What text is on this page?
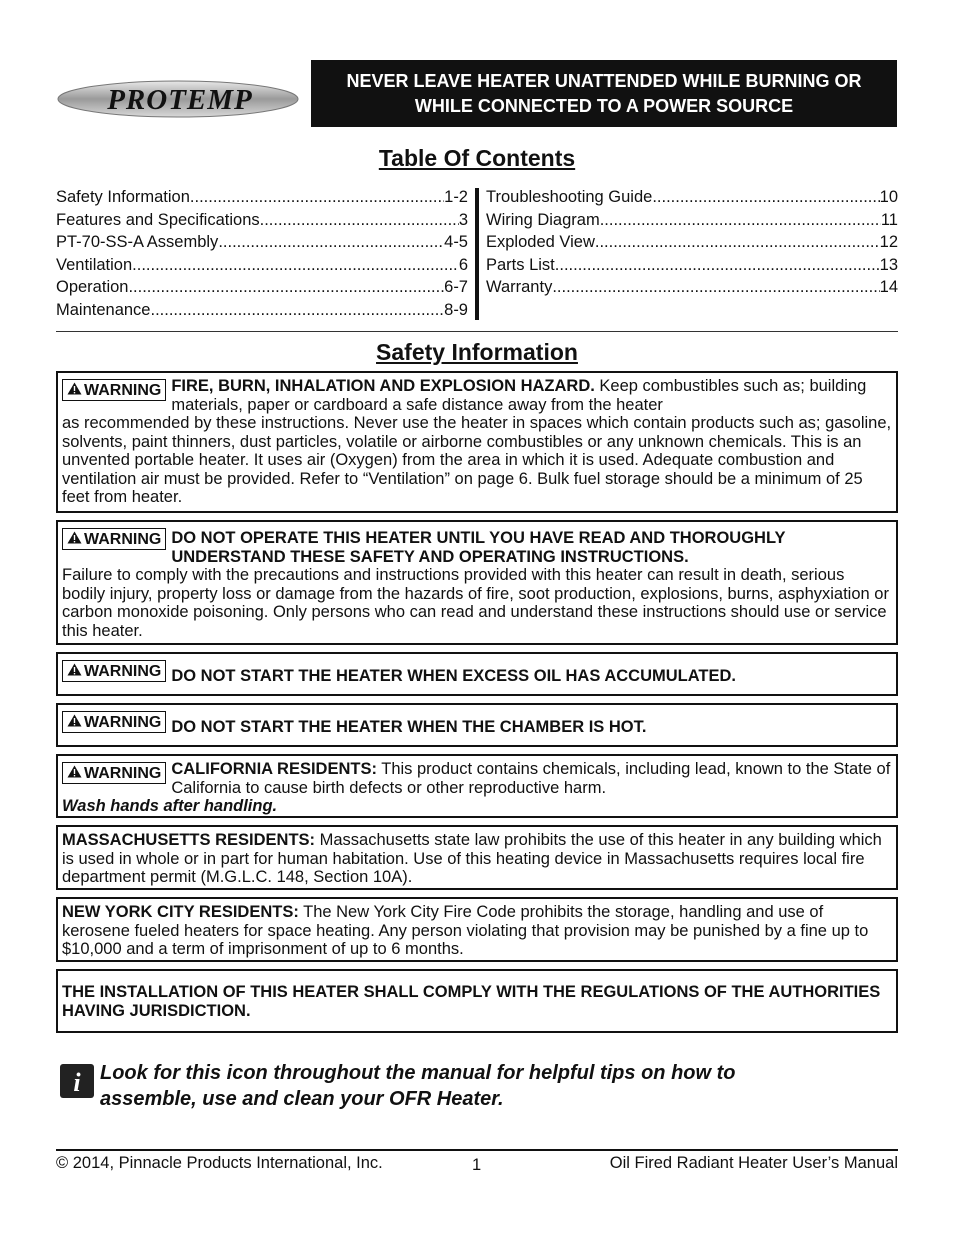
PROTEMP
NEVER LEAVE HEATER UNATTENDED WHILE BURNING OR
WHILE CONNECTED TO A POWER SOURCE
Table Of Contents
Safety Information .....	1-2
Features and Specifications .....	3
PT-70-SS-A Assembly .....	4-5
Ventilation .....	6
Operation .....	6-7
Maintenance .....	8-9
Troubleshooting Guide .....	10
Wiring Diagram .....	11
Exploded View .....	12
Parts List .....	13
Warranty .....	14
Safety Information
WARNING FIRE, BURN, INHALATION AND EXPLOSION HAZARD. Keep combustibles such as; building materials, paper or cardboard a safe distance away from the heater
as recommended by these instructions. Never use the heater in spaces which contain products such as; gasoline, solvents, paint thinners, dust particles, volatile or airborne combustibles or any unknown chemicals. This is an unvented portable heater. It uses air (Oxygen) from the area in which it is used. Adequate combustion and ventilation air must be provided. Refer to “Ventilation” on page 6. Bulk fuel storage should be a minimum of 25 feet from heater.
WARNING DO NOT OPERATE THIS HEATER UNTIL YOU HAVE READ AND THOROUGHLY UNDERSTAND THESE SAFETY AND OPERATING INSTRUCTIONS.
Failure to comply with the precautions and instructions provided with this heater can result in death, serious bodily injury, property loss or damage from the hazards of fire, soot production, explosions, burns, asphyxiation or carbon monoxide poisoning. Only persons who can read and understand these instructions should use or service this heater.
WARNING DO NOT START THE HEATER WHEN EXCESS OIL HAS ACCUMULATED.
WARNING DO NOT START THE HEATER WHEN THE CHAMBER IS HOT.
WARNING CALIFORNIA RESIDENTS: This product contains chemicals, including lead, known to the State of California to cause birth defects or other reproductive harm.
Wash hands after handling.
MASSACHUSETTS RESIDENTS: Massachusetts state law prohibits the use of this heater in any building which is used in whole or in part for human habitation. Use of this heating device in Massachusetts requires local fire department permit (M.G.L.C. 148, Section 10A).
NEW YORK CITY RESIDENTS: The New York City Fire Code prohibits the storage, handling and use of kerosene fueled heaters for space heating. Any person violating that provision may be punished by a fine up to $10,000 and a term of imprisonment of up to 6 months.
THE INSTALLATION OF THIS HEATER SHALL COMPLY WITH THE REGULATIONS OF THE AUTHORITIES HAVING JURISDICTION.
i Look for this icon throughout the manual for helpful tips on how to
assemble, use and clean your OFR Heater.
© 2014, Pinnacle Products International, Inc.	1	Oil Fired Radiant Heater User’s Manual
